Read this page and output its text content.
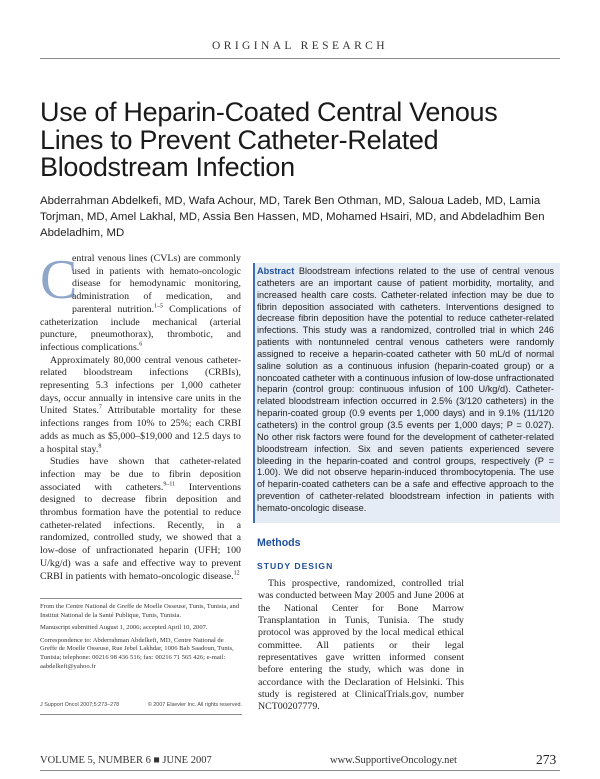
ORIGINAL RESEARCH
Use of Heparin-Coated Central Venous Lines to Prevent Catheter-Related Bloodstream Infection
Abderrahman Abdelkefi, MD, Wafa Achour, MD, Tarek Ben Othman, MD, Saloua Ladeb, MD, Lamia Torjman, MD, Amel Lakhal, MD, Assia Ben Hassen, MD, Mohamed Hsairi, MD, and Abdeladhim Ben Abdeladhim, MD

C
entral venous lines (CVLs) are commonly used in patients with hemato-oncologic disease for hemodynamic monitoring, administration of medication, and parenteral nutrition.$^{1-5}$ Complications of catheterization include mechanical (arterial puncture, pneumothorax), thrombotic, and infectious complications.$^6$

Approximately 80,000 central venous catheter-related bloodstream infections (CRBIs), representing 5.3 infections per 1,000 catheter days, occur annually in intensive care units in the United States.$^7$ Attributable mortality for these infections ranges from 10% to 25%; each CRBI adds as much as $5,000–$19,000 and 12.5 days to a hospital stay.$^8$

Studies have shown that catheter-related infection may be due to fibrin deposition associated with catheters.$^{9-11}$ Interventions designed to decrease fibrin deposition and thrombus formation have the potential to reduce catheter-related infections. Recently, in a randomized, controlled study, we showed that a low-dose of unfractionated heparin (UFH; 100 U/kg/d) was a safe and effective way to prevent CRBI in patients with hemato-oncologic disease.$^{12}$

Abstract Bloodstream infections related to the use of central venous catheters are an important cause of patient morbidity, mortality, and increased health care costs. Catheter-related infection may be due to fibrin deposition associated with catheters. Interventions designed to decrease fibrin deposition have the potential to reduce catheter-related infections. This study was a randomized, controlled trial in which 246 patients with nontunneled central venous catheters were randomly assigned to receive a heparin-coated catheter with 50 mL/d of normal saline solution as a continuous infusion (heparin-coated group) or a noncoated catheter with a continuous infusion of low-dose unfractionated heparin (control group: continuous infusion of 100 U/kg/d). Catheter-related bloodstream infection occurred in 2.5% (3/120 catheters) in the heparin-coated group (0.9 events per 1,000 days) and in 9.1% (11/120 catheters) in the control group (3.5 events per 1,000 days; P = 0.027). No other risk factors were found for the development of catheter-related bloodstream infection. Six and seven patients experienced severe bleeding in the heparin-coated and control groups, respectively (P = 1.00). We did not observe heparin-induced thrombocytopenia. The use of heparin-coated catheters can be a safe and effective approach to the prevention of catheter-related bloodstream infection in patients with hemato-oncologic disease.
Methods
STUDY DESIGN

This prospective, randomized, controlled trial was conducted between May 2005 and June 2006 at the National Center for Bone Marrow Transplantation in Tunis, Tunisia. The study protocol was approved by the local medical ethical committee. All patients or their legal representatives gave written informed consent before entering the study, which was done in accordance with the Declaration of Helsinki. This study is registered at ClinicalTrials.gov, number NCT00207779.

From the Centre National de Greffe de Moelle Osseuse, Tunis, Tunisia, and Institut National de la Santé Publique, Tunis, Tunisia.

Manuscript submitted August 1, 2006; accepted April 10, 2007.

Correspondence to: Abderrahman Abdelkefi, MD, Centre National de Greffe de Moelle Osseuse, Rue Jebel Lakhdar, 1006 Bab Saadoun, Tunis, Tunisia; telephone: 00216 98 436 516; fax: 00216 71 565 426; e-mail: aabdelkefi@yahoo.fr

J Support Oncol 2007;5:273–278	© 2007 Elsevier Inc. All rights reserved.
VOLUME 5, NUMBER 6 ■ JUNE 2007	www.SupportiveOncology.net	273
